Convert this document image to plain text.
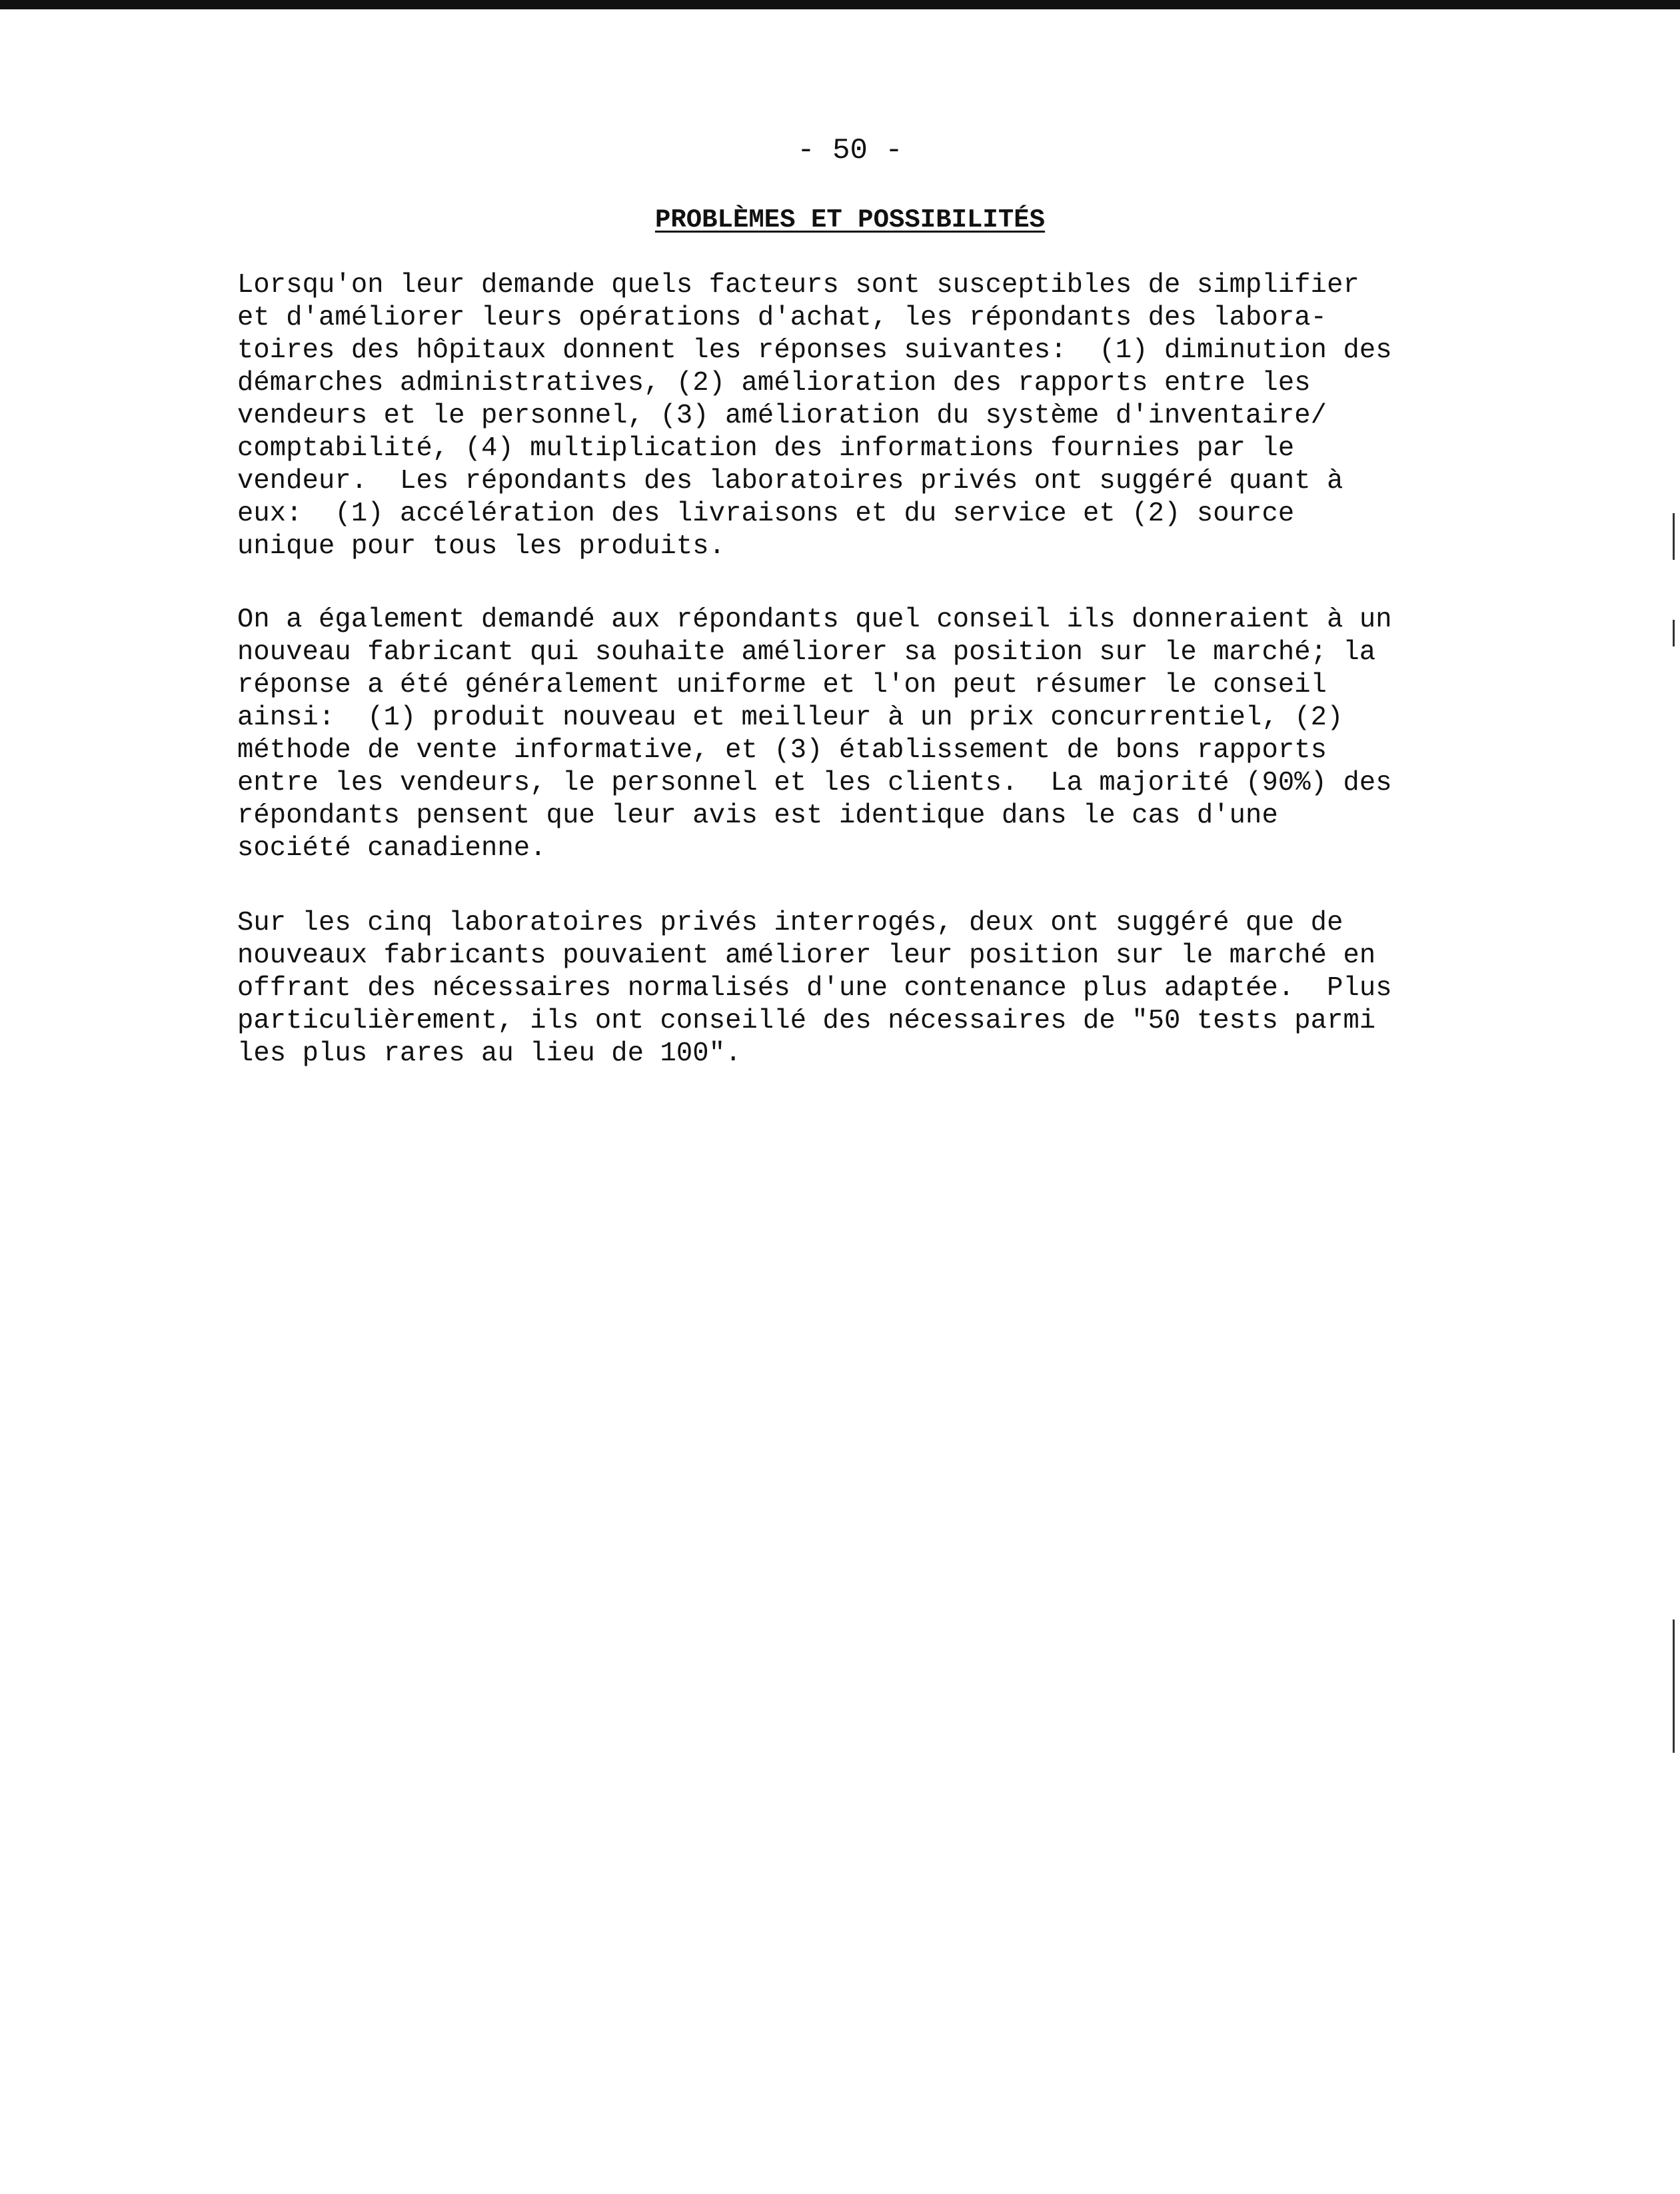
- 50 -
PROBLÈMES ET POSSIBILITÉS

Lorsqu'on leur demande quels facteurs sont susceptibles de simplifier
et d'améliorer leurs opérations d'achat, les répondants des labora-
toires des hôpitaux donnent les réponses suivantes:  (1) diminution des
démarches administratives, (2) amélioration des rapports entre les
vendeurs et le personnel, (3) amélioration du système d'inventaire/
comptabilité, (4) multiplication des informations fournies par le
vendeur.  Les répondants des laboratoires privés ont suggéré quant à
eux:  (1) accélération des livraisons et du service et (2) source
unique pour tous les produits.

On a également demandé aux répondants quel conseil ils donneraient à un
nouveau fabricant qui souhaite améliorer sa position sur le marché; la
réponse a été généralement uniforme et l'on peut résumer le conseil
ainsi:  (1) produit nouveau et meilleur à un prix concurrentiel, (2)
méthode de vente informative, et (3) établissement de bons rapports
entre les vendeurs, le personnel et les clients.  La majorité (90%) des
répondants pensent que leur avis est identique dans le cas d'une
société canadienne.

Sur les cinq laboratoires privés interrogés, deux ont suggéré que de
nouveaux fabricants pouvaient améliorer leur position sur le marché en
offrant des nécessaires normalisés d'une contenance plus adaptée.  Plus
particulièrement, ils ont conseillé des nécessaires de "50 tests parmi
les plus rares au lieu de 100".
